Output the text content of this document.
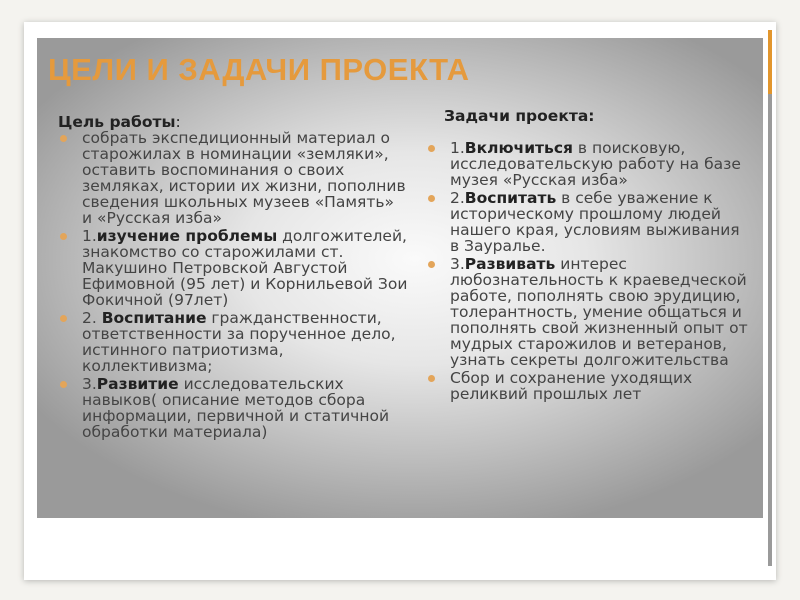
ЦЕЛИ И ЗАДАЧИ ПРОЕКТА
Цель работы:
собрать экспедиционный материал о старожилах в номинации «земляки», оставить воспоминания о своих земляках, истории их жизни, пополнив сведения школьных музеев «Память» и «Русская изба»
1.изучение проблемы долгожителей, знакомство со старожилами ст. Макушино Петровской Августой Ефимовной (95 лет) и Корнильевой Зои Фокичной (97лет)
2. Воспитание гражданственности, ответственности за порученное дело, истинного патриотизма, коллективизма;
3.Развитие исследовательских навыков( описание методов сбора информации, первичной и статичной обработки материала)
Задачи проекта:
1.Включиться в поисковую, исследовательскую работу на базе музея «Русская изба»
2.Воспитать в себе уважение к историческому прошлому людей нашего края, условиям выживания в Зауралье.
3.Развивать интерес любознательность к краеведческой работе, пополнять свою эрудицию, толерантность, умение общаться и пополнять свой жизненный опыт от мудрых старожилов и ветеранов, узнать секреты долгожительства
Сбор и сохранение уходящих реликвий прошлых лет
